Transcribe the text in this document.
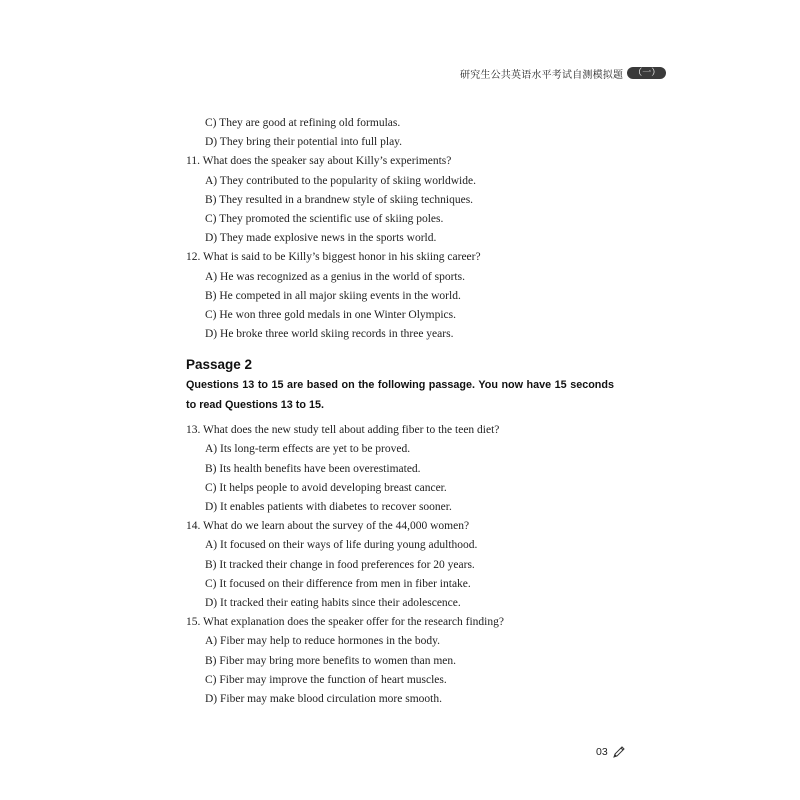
研究生公共英语水平考试自测模拟题	（一）
C) They are good at refining old formulas.
D) They bring their potential into full play.
11. What does the speaker say about Killy’s experiments?
A) They contributed to the popularity of skiing worldwide.
B) They resulted in a brandnew style of skiing techniques.
C) They promoted the scientific use of skiing poles.
D) They made explosive news in the sports world.
12. What is said to be Killy’s biggest honor in his skiing career?
A) He was recognized as a genius in the world of sports.
B) He competed in all major skiing events in the world.
C) He won three gold medals in one Winter Olympics.
D) He broke three world skiing records in three years.
Passage 2
Questions 13 to 15 are based on the following passage. You now have 15 seconds to read Questions 13 to 15.
13. What does the new study tell about adding fiber to the teen diet?
A) Its long-term effects are yet to be proved.
B) Its health benefits have been overestimated.
C) It helps people to avoid developing breast cancer.
D) It enables patients with diabetes to recover sooner.
14. What do we learn about the survey of the 44,000 women?
A) It focused on their ways of life during young adulthood.
B) It tracked their change in food preferences for 20 years.
C) It focused on their difference from men in fiber intake.
D) It tracked their eating habits since their adolescence.
15. What explanation does the speaker offer for the research finding?
A) Fiber may help to reduce hormones in the body.
B) Fiber may bring more benefits to women than men.
C) Fiber may improve the function of heart muscles.
D) Fiber may make blood circulation more smooth.
03
